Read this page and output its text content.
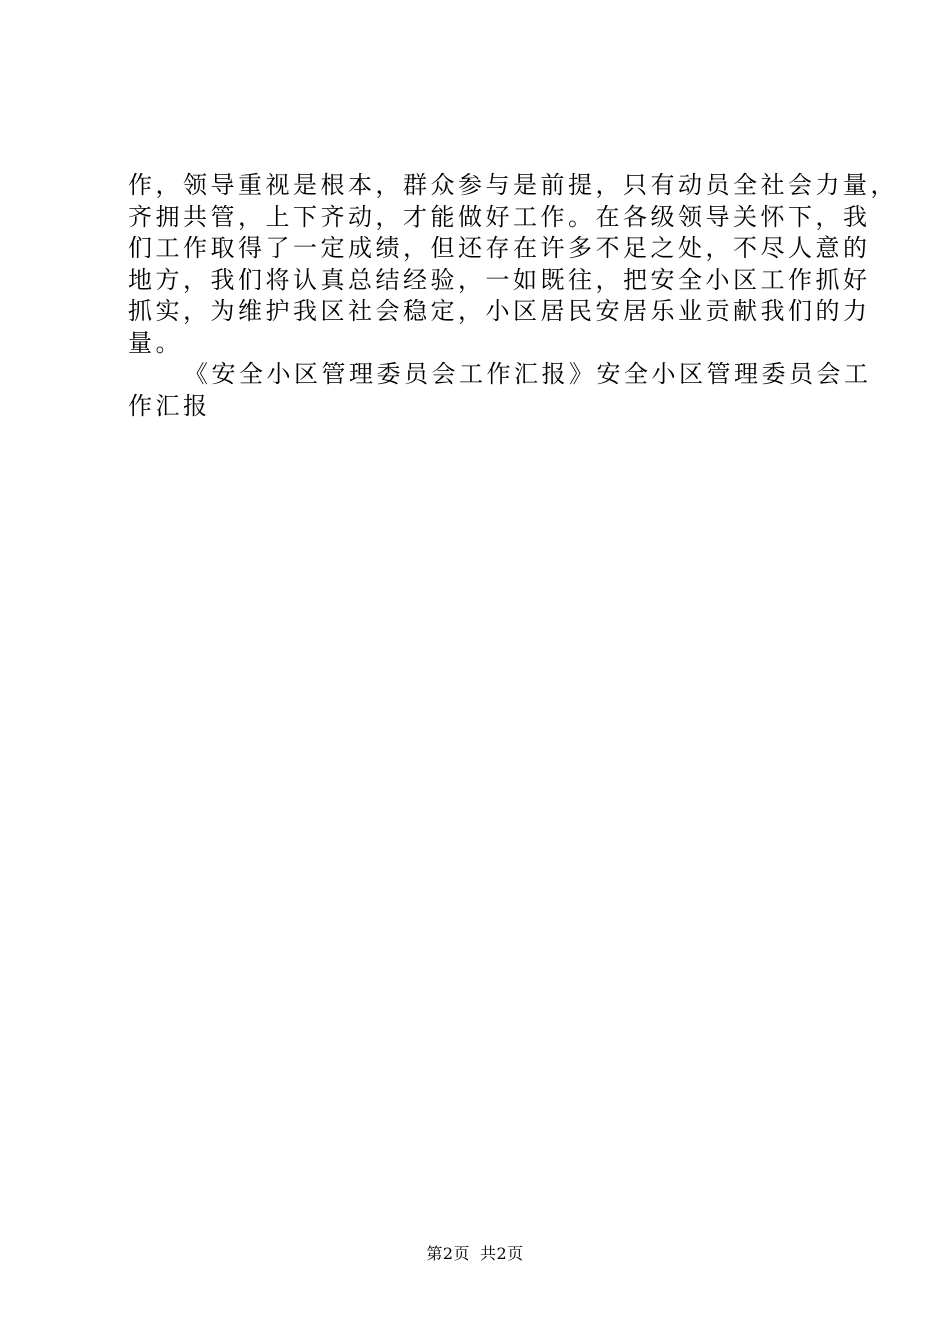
作，领导重视是根本，群众参与是前提，只有动员全社会力量，
齐拥共管，上下齐动，才能做好工作。在各级领导关怀下，我
们工作取得了一定成绩，但还存在许多不足之处，不尽人意的
地方，我们将认真总结经验，一如既往，把安全小区工作抓好
抓实，为维护我区社会稳定，小区居民安居乐业贡献我们的力
量。
《安全小区管理委员会工作汇报》安全小区管理委员会工
作汇报
第2页 共2页
